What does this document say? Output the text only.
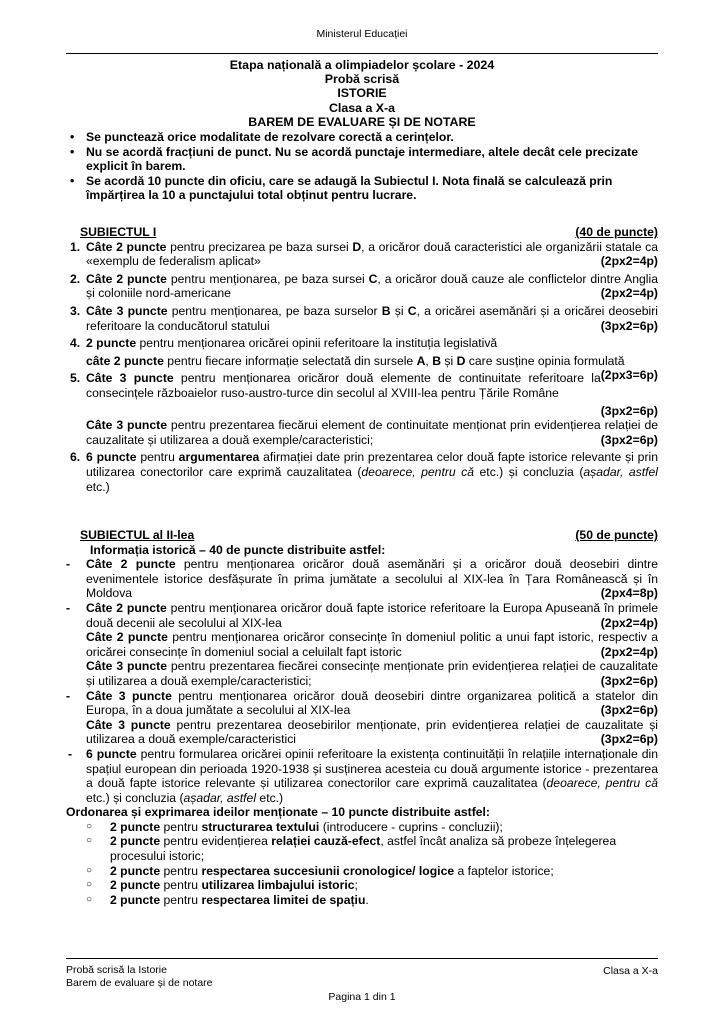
Ministerul Educației
Etapa națională a olimpiadelor școlare - 2024
Probă scrisă
ISTORIE
Clasa a X-a
BAREM DE EVALUARE ȘI DE NOTARE
• Se punctează orice modalitate de rezolvare corectă a cerințelor.
• Nu se acordă fracțiuni de punct. Nu se acordă punctaje intermediare, altele decât cele precizate explicit în barem.
• Se acordă 10 puncte din oficiu, care se adaugă la Subiectul I. Nota finală se calculează prin împărțirea la 10 a punctajului total obținut pentru lucrare.
SUBIECTUL I	(40 de puncte)
1. Câte 2 puncte pentru precizarea pe baza sursei D, a oricăror două caracteristici ale organizării statale ca «exemplu de federalism aplicat»	(2px2=4p)
2. Câte 2 puncte pentru menționarea, pe baza sursei C, a oricăror două cauze ale conflictelor dintre Anglia și coloniile nord-americane	(2px2=4p)
3. Câte 3 puncte pentru menționarea, pe baza surselor B și C, a oricărei asemănări și a oricărei deosebiri referitoare la conducătorul statului	(3px2=6p)
4. 2 puncte pentru menționarea oricărei opinii referitoare la instituția legislativă
câte 2 puncte pentru fiecare informație selectată din sursele A, B și D care susține opinia formulată
(2px3=6p)
5. Câte 3 puncte pentru menționarea oricăror două elemente de continuitate referitoare la consecințele războaielor ruso-austro-turce din secolul al XVIII-lea pentru Țările Române
(3px2=6p)
Câte 3 puncte pentru prezentarea fiecărui element de continuitate menționat prin evidențierea relației de cauzalitate și utilizarea a două exemple/caracteristici;	(3px2=6p)
6. 6 puncte pentru argumentarea afirmației date prin prezentarea celor două fapte istorice relevante și prin utilizarea conectorilor care exprimă cauzalitatea (deoarece, pentru că etc.) și concluzia (așadar, astfel etc.)
SUBIECTUL al II-lea	(50 de puncte)
Informația istorică – 40 de puncte distribuite astfel:
- Câte 2 puncte pentru menționarea oricăror două asemănări și a oricăror două deosebiri dintre evenimentele istorice desfășurate în prima jumătate a secolului al XIX-lea în Țara Românească și în Moldova	(2px4=8p)
- Câte 2 puncte pentru menționarea oricăror două fapte istorice referitoare la Europa Apuseană în primele două decenii ale secolului al XIX-lea	(2px2=4p)
Câte 2 puncte pentru menționarea oricăror consecințe în domeniul politic a unui fapt istoric, respectiv a oricărei consecințe în domeniul social a celuilalt fapt istoric	(2px2=4p)
Câte 3 puncte pentru prezentarea fiecărei consecințe menționate prin evidențierea relației de cauzalitate și utilizarea a două exemple/caracteristici;	(3px2=6p)
- Câte 3 puncte pentru menționarea oricăror două deosebiri dintre organizarea politică a statelor din Europa, în a doua jumătate a secolului al XIX-lea	(3px2=6p)
Câte 3 puncte pentru prezentarea deosebirilor menționate, prin evidențierea relației de cauzalitate și utilizarea a două exemple/caracteristici	(3px2=6p)
- 6 puncte pentru formularea oricărei opinii referitoare la existența continuității în relațiile internaționale din spațiul european din perioada 1920-1938 și susținerea acesteia cu două argumente istorice - prezentarea a două fapte istorice relevante și utilizarea conectorilor care exprimă cauzalitatea (deoarece, pentru că etc.) și concluzia (așadar, astfel etc.)
Ordonarea și exprimarea ideilor menționate – 10 puncte distribuite astfel:
○ 2 puncte pentru structurarea textului (introducere - cuprins - concluzii);
○ 2 puncte pentru evidențierea relației cauză-efect, astfel încât analiza să probeze înțelegerea procesului istoric;
○ 2 puncte pentru respectarea succesiunii cronologice/ logice a faptelor istorice;
○ 2 puncte pentru utilizarea limbajului istoric;
○ 2 puncte pentru respectarea limitei de spațiu.
Probă scrisă la Istorie
Barem de evaluare și de notare
Clasa a X-a
Pagina 1 din 1
